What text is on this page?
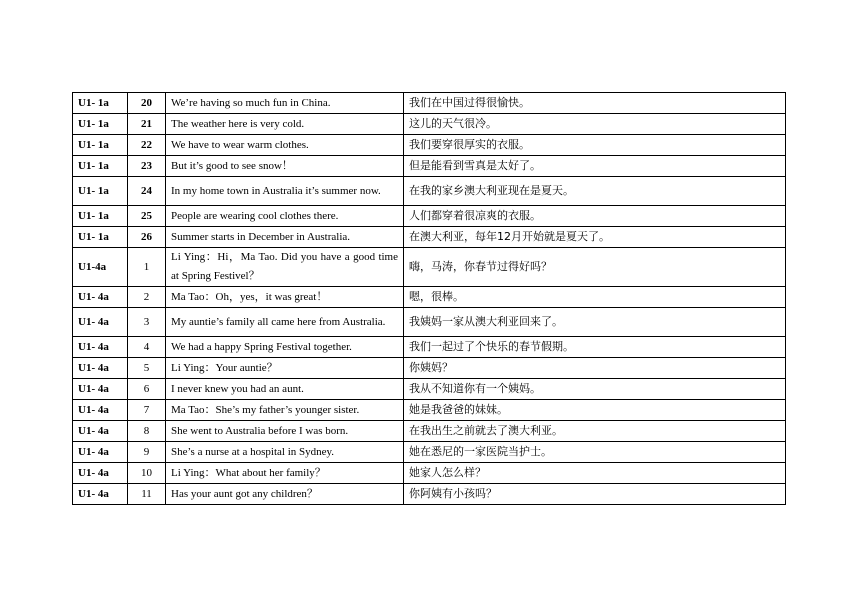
U1- 1a	20	We’re having so much fun in China.	我们在中国过得很愉快。
U1- 1a	21	The weather here is very cold.	这儿的天气很冷。
U1- 1a	22	We have to wear warm clothes.	我们要穿很厚实的衣服。
U1- 1a	23	But it’s good to see snow！	但是能看到雪真是太好了。
U1- 1a	24	In my home town in Australia it’s summer now.	在我的家乡澳大利亚现在是夏天。
U1- 1a	25	People are wearing cool clothes there.	人们都穿着很凉爽的衣服。
U1- 1a	26	Summer starts in December in Australia.	在澳大利亚，每年12月开始就是夏天了。
U1-4a	1	Li Ying：Hi，Ma Tao. Did you have a good time at Spring Festivel？	嗨，马涛，你春节过得好吗？
U1- 4a	2	Ma Tao：Oh，yes，it was great！	嗯，很棒。
U1- 4a	3	My auntie’s family all came here from Australia.	我姨妈一家从澳大利亚回来了。
U1- 4a	4	We had a happy Spring Festival together.	我们一起过了个快乐的春节假期。
U1- 4a	5	Li Ying：Your auntie？	你姨妈？
U1- 4a	6	I never knew you had an aunt.	我从不知道你有一个姨妈。
U1- 4a	7	Ma Tao：She’s my father’s younger sister.	她是我爸爸的妹妹。
U1- 4a	8	She went to Australia before I was born.	在我出生之前就去了澳大利亚。
U1- 4a	9	She’s a nurse at a hospital in Sydney.	她在悉尼的一家医院当护士。
U1- 4a	10	Li Ying：What about her family？	她家人怎么样？
U1- 4a	11	Has your aunt got any children？	你阿姨有小孩吗？
